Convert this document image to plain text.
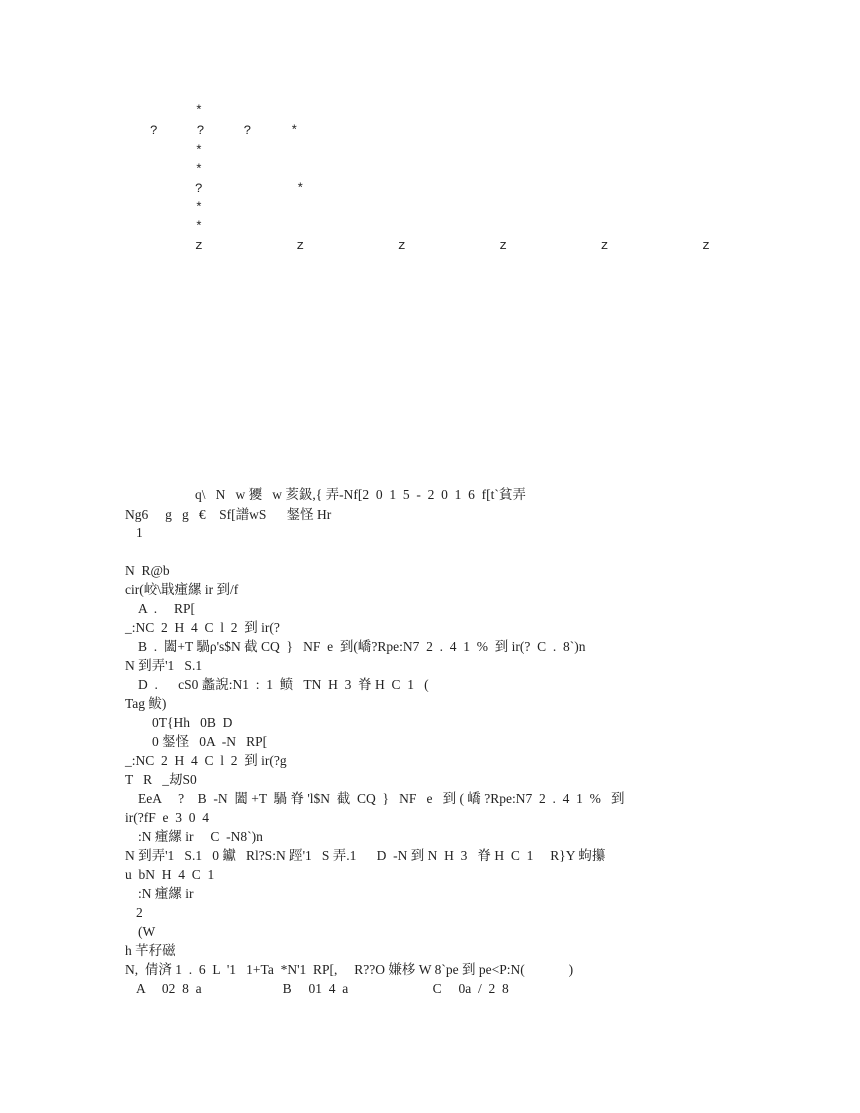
*
?     ?     ?     *
*
*
?            *
*
*
z            z            z            z            z            z
q\   N   w 獿   w 荄鈒,{ 弄-Nf[2  0  1  5  -  2  0  1  6  f[t`貧弄
Ng6     g   g   €    Sf[譜wS      錖怪 Hr
1
N  R@b
cir(峧\戢瘇縲 ir 到/f
A  .     RP[
_:NC  2  H  4  C  l  2  到 ir(?
B  .  闔+T 騧ρ's$N 截 CQ  }   NF  e  到(嶠?Rpe:N7  2  .  4  1  %  到 ir(?  C  .  8`)n
N 到弄'1   S.1
D  .      cS0 蠡誽:N1  :  1  鲼   TN  H  3  脊 H  C  1   (
Tag 鲅)
0T{Hh   0B  D
0 錖怪   0A  -N   RP[
_:NC  2  H  4  C  l  2  到 ir(?g
T   R   _刼S0
EeA     ?    B  -N  闔 +T  騧 脊 'l$N  截  CQ  }   NF   e   到 ( 嶠 ?Rpe:N7  2  .  4  1  %   到
ir(?fF  e  3  0  4
:N 瘇縲 ir     C  -N8`)n
N 到弄'1   S.1   0 钀   Rl?S:N 踁'1   S 弄.1      D  -N 到 N  H  3   脊 H  C  1     R}Y 蚼攥
u  bN  H  4  C  1
:N 瘇縲 ir
2
(W
h 芊秄磁
N,  倩済 1  .  6  L  '1   1+Ta  *N'1  RP[,     R??O 嫌栘 W 8`pe 到 pe<P:N(             )
A     02  8  a                        B     01  4  a                         C     0a  /  2  8
